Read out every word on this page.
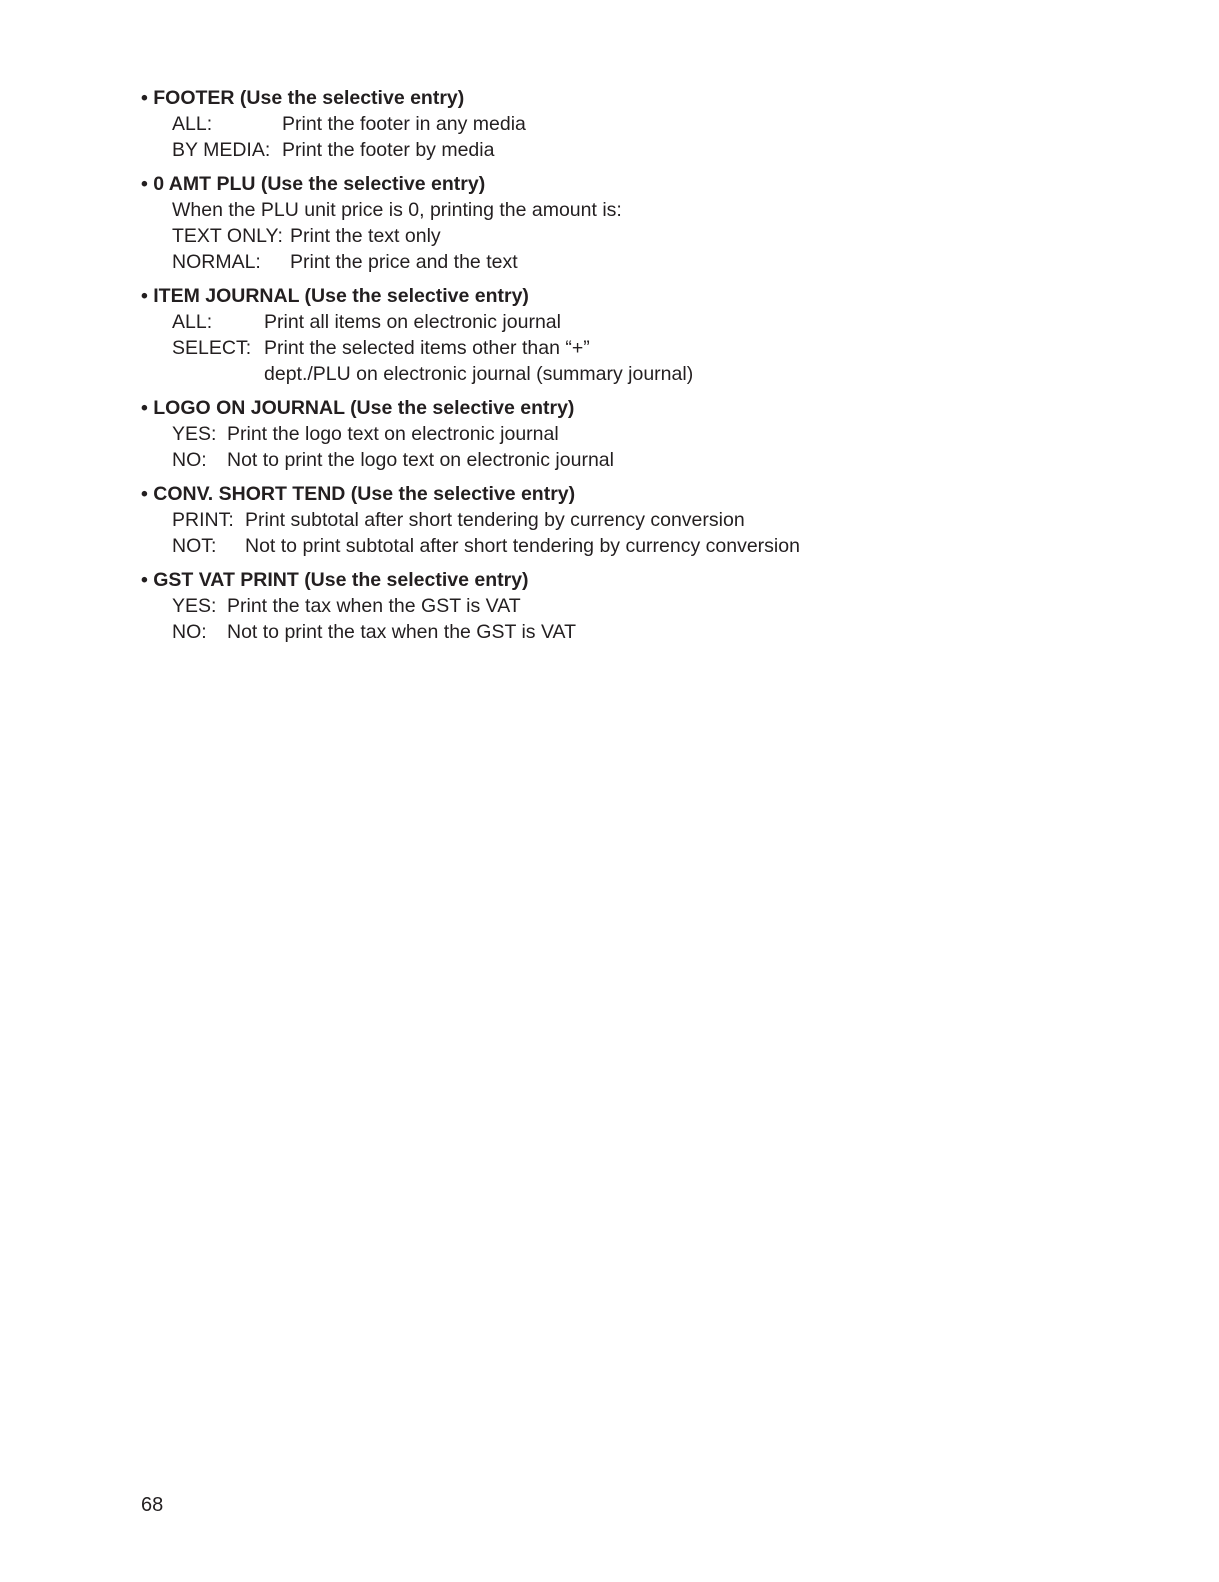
• FOOTER (Use the selective entry)
ALL:	Print the footer in any media
BY MEDIA: Print the footer by media
• 0 AMT PLU (Use the selective entry)
When the PLU unit price is 0, printing the amount is:
TEXT ONLY: Print the text only
NORMAL:	Print the price and the text
• ITEM JOURNAL (Use the selective entry)
ALL:	Print all items on electronic journal
SELECT: Print the selected items other than “+”
dept./PLU on electronic journal (summary journal)
• LOGO ON JOURNAL (Use the selective entry)
YES: Print the logo text on electronic journal
NO:	Not to print the logo text on electronic journal
• CONV. SHORT TEND (Use the selective entry)
PRINT: Print subtotal after short tendering by currency conversion
NOT:	Not to print subtotal after short tendering by currency conversion
• GST VAT PRINT (Use the selective entry)
YES: Print the tax when the GST is VAT
NO:	Not to print the tax when the GST is VAT
68
